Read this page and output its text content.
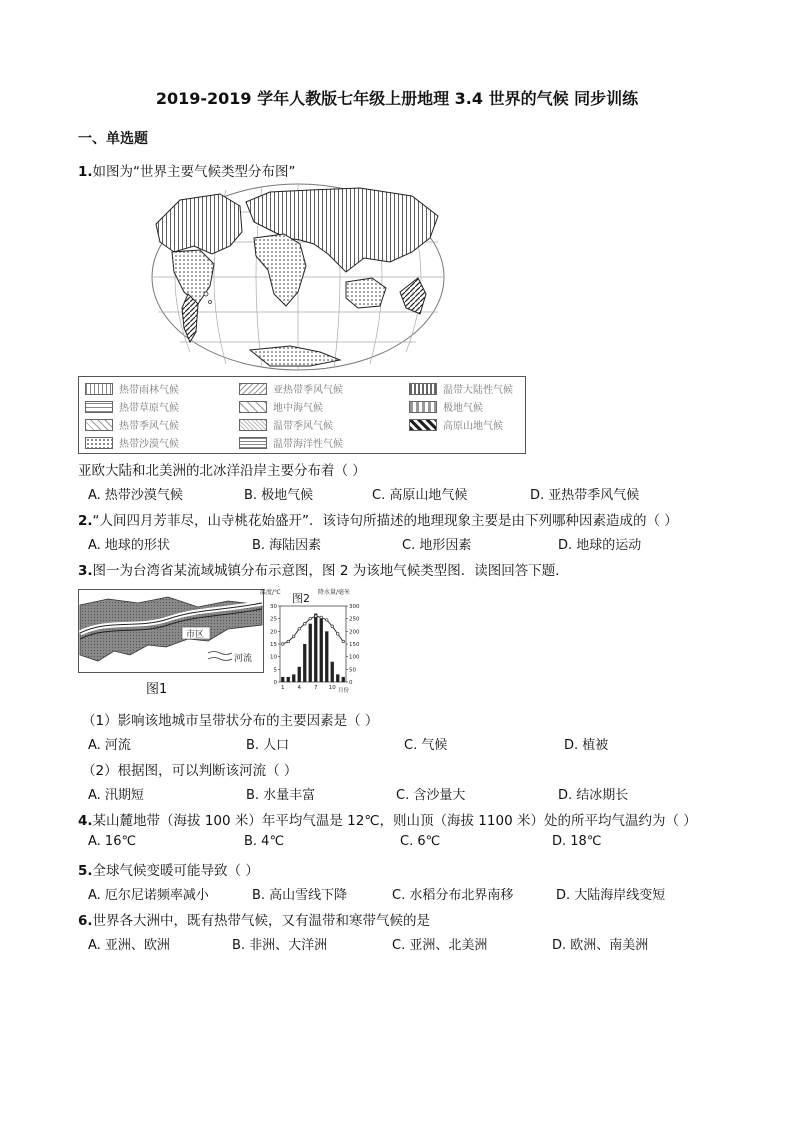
2019-2019 学年人教版七年级上册地理 3.4 世界的气候 同步训练
一、单选题
1.如图为“世界主要气候类型分布图”
热带雨林气候
热带草原气候
热带季风气候
热带沙漠气候
亚热带季风气候
地中海气候
温带季风气候
温带海洋性气候
温带大陆性气候
极地气候
高原山地气候
亚欧大陆和北美洲的北冰洋沿岸主要分布着（ ）
A. 热带沙漠气候	B. 极地气候	C. 高原山地气候	D. 亚热带季风气候
2.“人间四月芳菲尽，山寺桃花始盛开”．该诗句所描述的地理现象主要是由下列哪种因素造成的（ ）
A. 地球的形状	B. 海陆因素	C. 地形因素	D. 地球的运动
3.图一为台湾省某流域城镇分布示意图，图 2 为该地气候类型图．读图回答下题．
市区
河流
图1
温度/℃ 图2 降水量/毫米
30
25
20
15
10
5
0
300
250
200
150
100
50
0
1 4 7 10 月份
（1）影响该地城市呈带状分布的主要因素是（ ）
A. 河流	B. 人口	C. 气候	D. 植被
（2）根据图，可以判断该河流（ ）
A. 汛期短	B. 水量丰富	C. 含沙量大	D. 结冰期长
4.某山麓地带（海拔 100 米）年平均气温是 12℃，则山顶（海拔 1100 米）处的所平均气温约为（ ）
A. 16℃	B. 4℃	C. 6℃	D. 18℃
5.全球气候变暖可能导致（ ）
A. 厄尔尼诺频率减小	B. 高山雪线下降	C. 水稻分布北界南移	D. 大陆海岸线变短
6.世界各大洲中，既有热带气候，又有温带和寒带气候的是
A. 亚洲、欧洲	B. 非洲、大洋洲	C. 亚洲、北美洲	D. 欧洲、南美洲
